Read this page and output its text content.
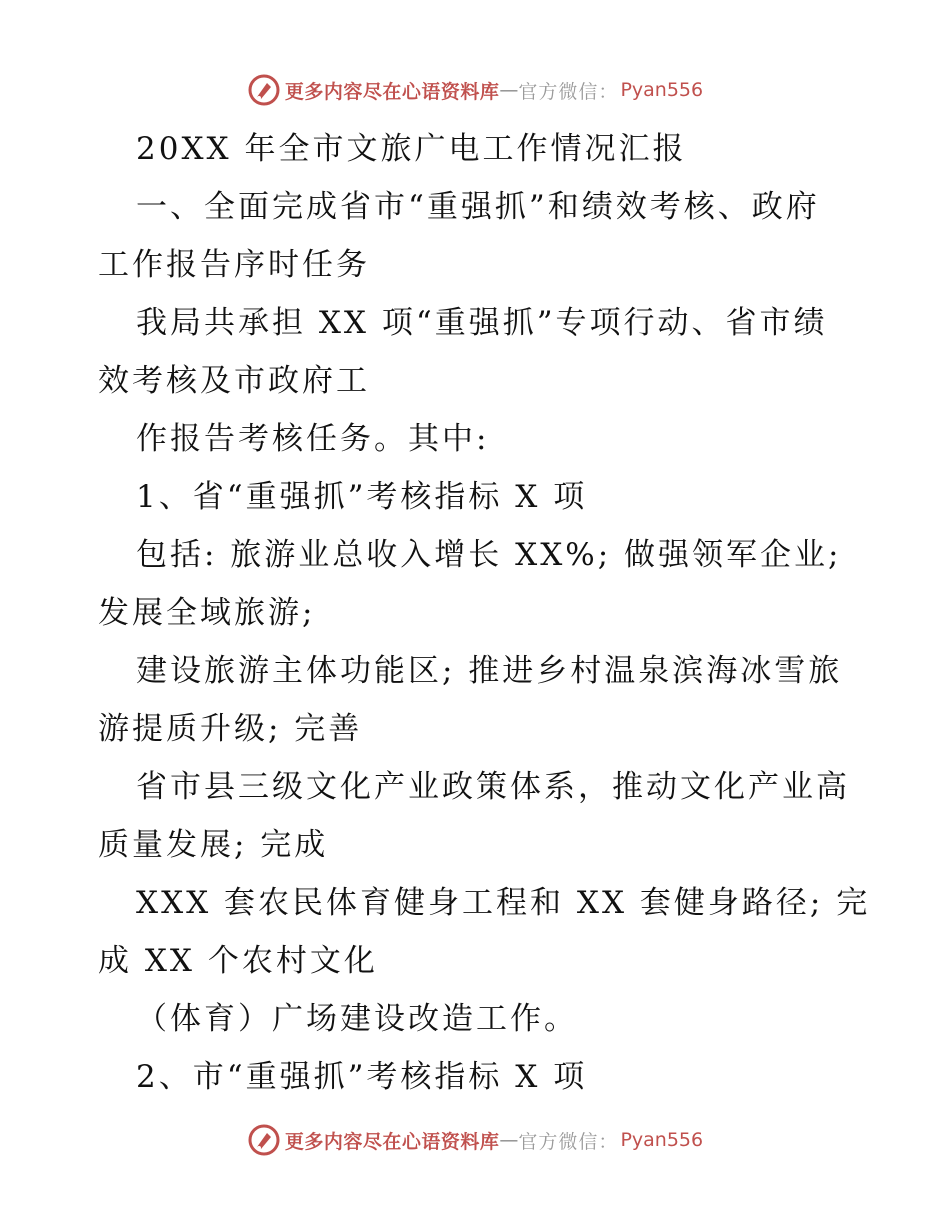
更多内容尽在心语资料库 — 官方微信： Pyan556
20XX 年全市文旅广电工作情况汇报
一、全面完成省市“重强抓”和绩效考核、政府
工作报告序时任务
我局共承担 XX 项“重强抓”专项行动、省市绩
效考核及市政府工
作报告考核任务。其中:
1、省“重强抓”考核指标 X 项
包括: 旅游业总收入增长 XX%; 做强领军企业;
发展全域旅游;
建设旅游主体功能区; 推进乡村温泉滨海冰雪旅
游提质升级; 完善
省市县三级文化产业政策体系，推动文化产业高
质量发展; 完成
XXX 套农民体育健身工程和 XX 套健身路径; 完
成 XX 个农村文化
（体育）广场建设改造工作。
2、市“重强抓”考核指标 X 项
更多内容尽在心语资料库 — 官方微信： Pyan556
